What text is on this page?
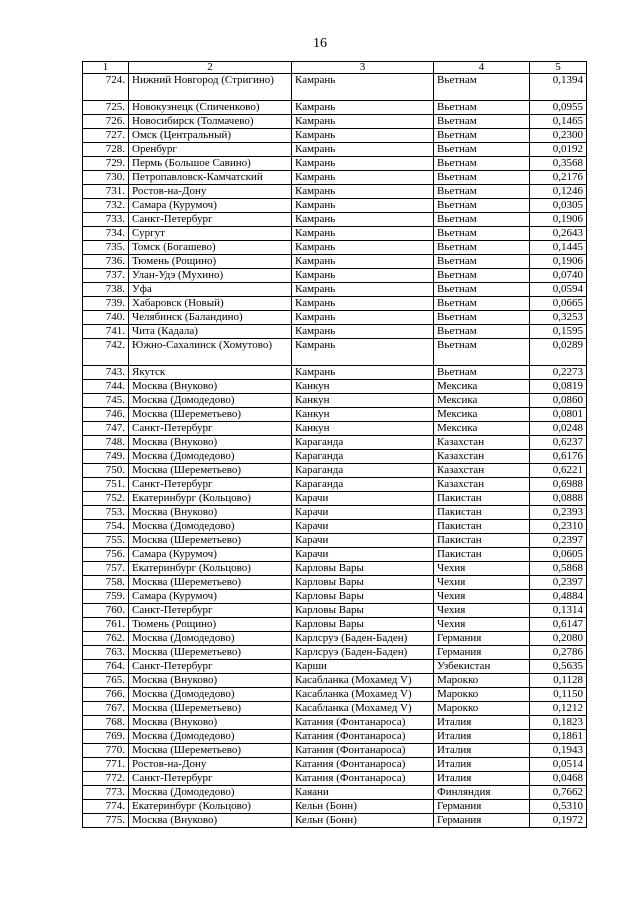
16
1	2	3	4	5
724.	Нижний Новгород (Стригино)	Камрань	Вьетнам	0,1394
725.	Новокузнецк (Спиченково)	Камрань	Вьетнам	0,0955
726.	Новосибирск (Толмачево)	Камрань	Вьетнам	0,1465
727.	Омск (Центральный)	Камрань	Вьетнам	0,2300
728.	Оренбург	Камрань	Вьетнам	0,0192
729.	Пермь (Большое Савино)	Камрань	Вьетнам	0,3568
730.	Петропавловск-Камчатский	Камрань	Вьетнам	0,2176
731.	Ростов-на-Дону	Камрань	Вьетнам	0,1246
732.	Самара (Курумоч)	Камрань	Вьетнам	0,0305
733.	Санкт-Петербург	Камрань	Вьетнам	0,1906
734.	Сургут	Камрань	Вьетнам	0,2643
735.	Томск (Богашево)	Камрань	Вьетнам	0,1445
736.	Тюмень (Рощино)	Камрань	Вьетнам	0,1906
737.	Улан-Удэ (Мухино)	Камрань	Вьетнам	0,0740
738.	Уфа	Камрань	Вьетнам	0,0594
739.	Хабаровск (Новый)	Камрань	Вьетнам	0,0665
740.	Челябинск (Баландино)	Камрань	Вьетнам	0,3253
741.	Чита (Кадала)	Камрань	Вьетнам	0,1595
742.	Южно-Сахалинск (Хомутово)	Камрань	Вьетнам	0,0289
743.	Якутск	Камрань	Вьетнам	0,2273
744.	Москва (Внуково)	Канкун	Мексика	0,0819
745.	Москва (Домодедово)	Канкун	Мексика	0,0860
746.	Москва (Шереметьево)	Канкун	Мексика	0,0801
747.	Санкт-Петербург	Канкун	Мексика	0,0248
748.	Москва (Внуково)	Караганда	Казахстан	0,6237
749.	Москва (Домодедово)	Караганда	Казахстан	0,6176
750.	Москва (Шереметьево)	Караганда	Казахстан	0,6221
751.	Санкт-Петербург	Караганда	Казахстан	0,6988
752.	Екатеринбург (Кольцово)	Карачи	Пакистан	0,0888
753.	Москва (Внуково)	Карачи	Пакистан	0,2393
754.	Москва (Домодедово)	Карачи	Пакистан	0,2310
755.	Москва (Шереметьево)	Карачи	Пакистан	0,2397
756.	Самара (Курумоч)	Карачи	Пакистан	0,0605
757.	Екатеринбург (Кольцово)	Карловы Вары	Чехия	0,5868
758.	Москва (Шереметьево)	Карловы Вары	Чехия	0,2397
759.	Самара (Курумоч)	Карловы Вары	Чехия	0,4884
760.	Санкт-Петербург	Карловы Вары	Чехия	0,1314
761.	Тюмень (Рощино)	Карловы Вары	Чехия	0,6147
762.	Москва (Домодедово)	Карлсруэ (Баден-Баден)	Германия	0,2080
763.	Москва (Шереметьево)	Карлсруэ (Баден-Баден)	Германия	0,2786
764.	Санкт-Петербург	Карши	Узбекистан	0,5635
765.	Москва (Внуково)	Касабланка (Мохамед V)	Марокко	0,1128
766.	Москва (Домодедово)	Касабланка (Мохамед V)	Марокко	0,1150
767.	Москва (Шереметьево)	Касабланка (Мохамед V)	Марокко	0,1212
768.	Москва (Внуково)	Катания (Фонтанароса)	Италия	0,1823
769.	Москва (Домодедово)	Катания (Фонтанароса)	Италия	0,1861
770.	Москва (Шереметьево)	Катания (Фонтанароса)	Италия	0,1943
771.	Ростов-на-Дону	Катания (Фонтанароса)	Италия	0,0514
772.	Санкт-Петербург	Катания (Фонтанароса)	Италия	0,0468
773.	Москва (Домодедово)	Каяани	Финляндия	0,7662
774.	Екатеринбург (Кольцово)	Кельн (Бонн)	Германия	0,5310
775.	Москва (Внуково)	Кельн (Бонн)	Германия	0,1972
